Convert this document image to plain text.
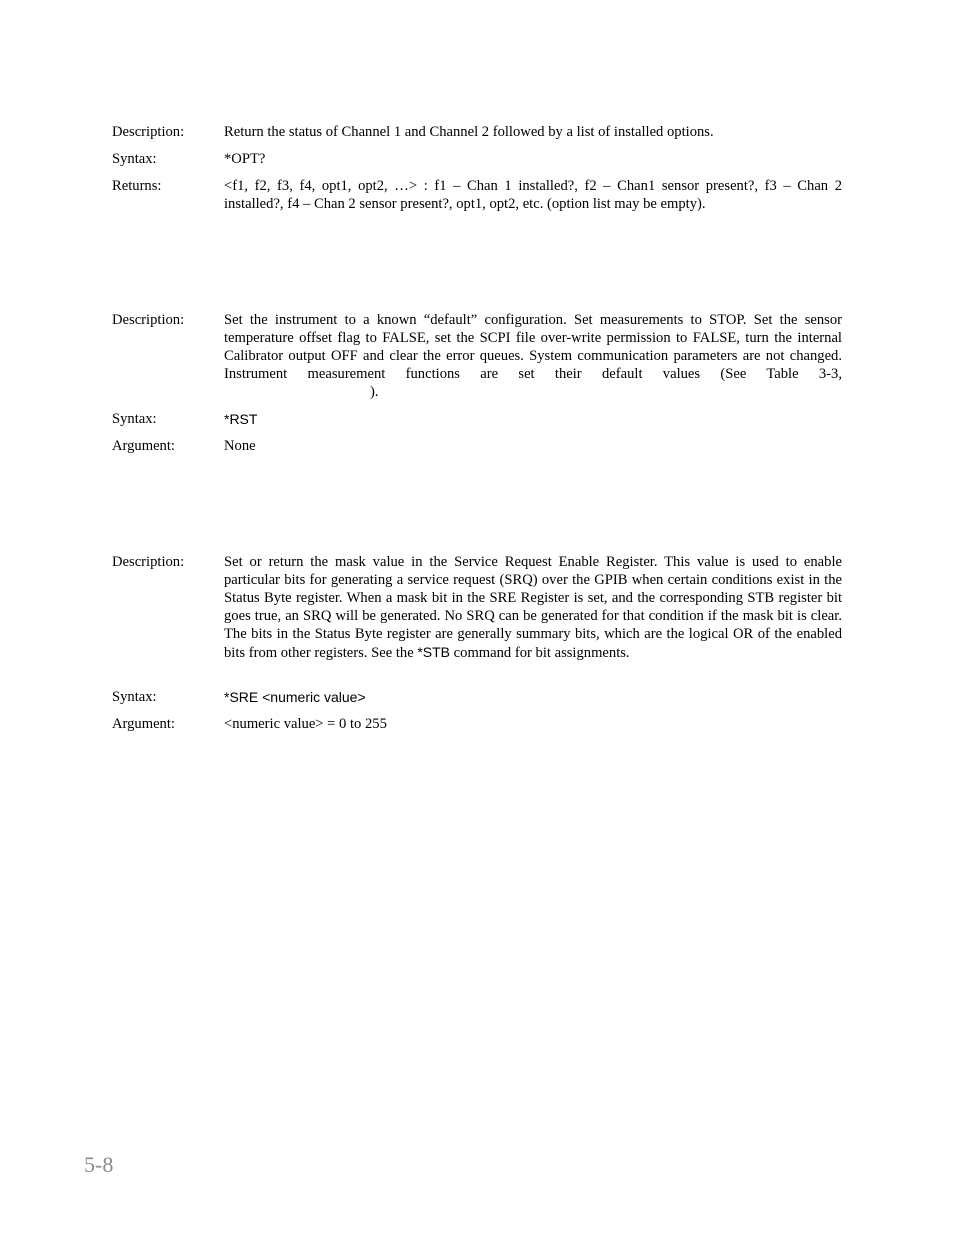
Description:	Return the status of Channel 1 and Channel 2 followed by a list of installed options.
Syntax:	*OPT?
Returns:	<f1, f2, f3, f4, opt1, opt2, …> : f1 – Chan 1 installed?, f2 – Chan1 sensor present?, f3 – Chan 2
installed?, f4 – Chan 2 sensor present?, opt1, opt2, etc. (option list may be empty).
Description:	Set the instrument to a known “default” configuration. Set measurements to STOP. Set the sensor temperature offset flag to FALSE, set the SCPI file over-write permission to FALSE, turn the internal Calibrator output OFF and clear the error queues. System communication parameters are not changed. Instrument measurement functions are set their default values (See Table 3-3,
).
Syntax:	*RST
Argument:	None
Description:	Set or return the mask value in the Service Request Enable Register. This value is used to enable particular bits for generating a service request (SRQ) over the GPIB when certain conditions exist in the Status Byte register. When a mask bit in the SRE Register is set, and the corresponding STB register bit goes true, an SRQ will be generated. No SRQ can be generated for that condition if the mask bit is clear. The bits in the Status Byte register are generally summary bits, which are the logical OR of the enabled bits from other registers. See the *STB command for bit assignments.
Syntax:	*SRE <numeric value>
Argument:	<numeric value> = 0 to 255
5-8
